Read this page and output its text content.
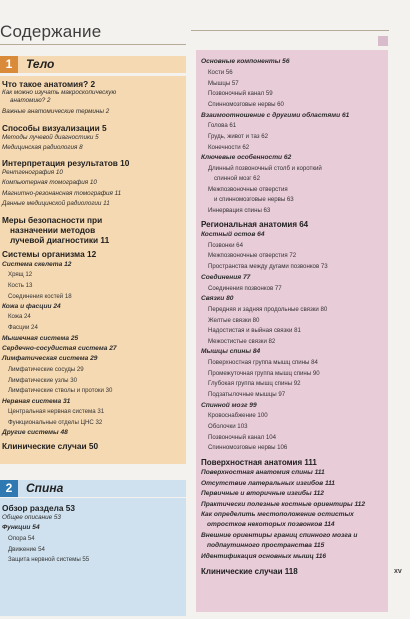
Содержание
1	Тело
2	Спина
Что такое анатомия? 2
Как можно изучать макроскопическую
анатомию? 2
Важные анатомические термины 2
Способы визуализации 5
Методы лучевой диагностики 5
Медицинская радиология 8
Интерпретация результатов 10
Рентгенография 10
Компьютерная томография 10
Магнитно-резонансная томография 11
Данные медицинской радиологии 11
Меры безопасности при
назначении методов
лучевой диагностики 11
Системы организма 12
Система скелета 12
Хрящ 12
Кость 13
Соединения костей 18
Кожа и фасции 24
Кожа 24
Фасции 24
Мышечная система 25
Сердечно-сосудистая система 27
Лимфатическая система 29
Лимфатические сосуды 29
Лимфатические узлы 30
Лимфатические стволы и протоки 30
Нервная система 31
Центральная нервная система 31
Функциональные отделы ЦНС 32
Другие системы 48
Клинические случаи 50
Обзор раздела 53
Общее описание 53
Функции 54
Опора 54
Движение 54
Защита нервной системы 55
Основные компоненты 56
Кости 56
Мышцы 57
Позвоночный канал 59
Спинномозговые нервы 60
Взаимоотношение с другими областями 61
Голова 61
Грудь, живот и таз 62
Конечности 62
Ключевые особенности 62
Длинный позвоночный столб и короткий
спинной мозг 62
Межпозвоночные отверстия
и спинномозговые нервы 63
Иннервация спины 63
Региональная анатомия 64
Костный остов 64
Позвонки 64
Межпозвоночные отверстия 72
Пространства между дугами позвонков 73
Соединения 77
Соединения позвонков 77
Связки 80
Передняя и задняя продольные связки 80
Желтые связки 80
Надостистая и выйная связки 81
Межостистые связки 82
Мышцы спины 84
Поверхностная группа мышц спины 84
Промежуточная группа мышц спины 90
Глубокая группа мышц спины 92
Подзатылочные мышцы 97
Спинной мозг 99
Кровоснабжение 100
Оболочки 103
Позвоночный канал 104
Спинномозговые нервы 106
Поверхностная анатомия 111
Поверхностная анатомия спины 111
Отсутствие латеральных изгибов 111
Первичные и вторичные изгибы 112
Практически полезные костные ориентиры 112
Как определить местоположение остистых
отростков некоторых позвонков 114
Внешние ориентиры границ спинного мозга и
подпаутинного пространства 115
Идентификация основных мышц 116
Клинические случаи 118	xv
